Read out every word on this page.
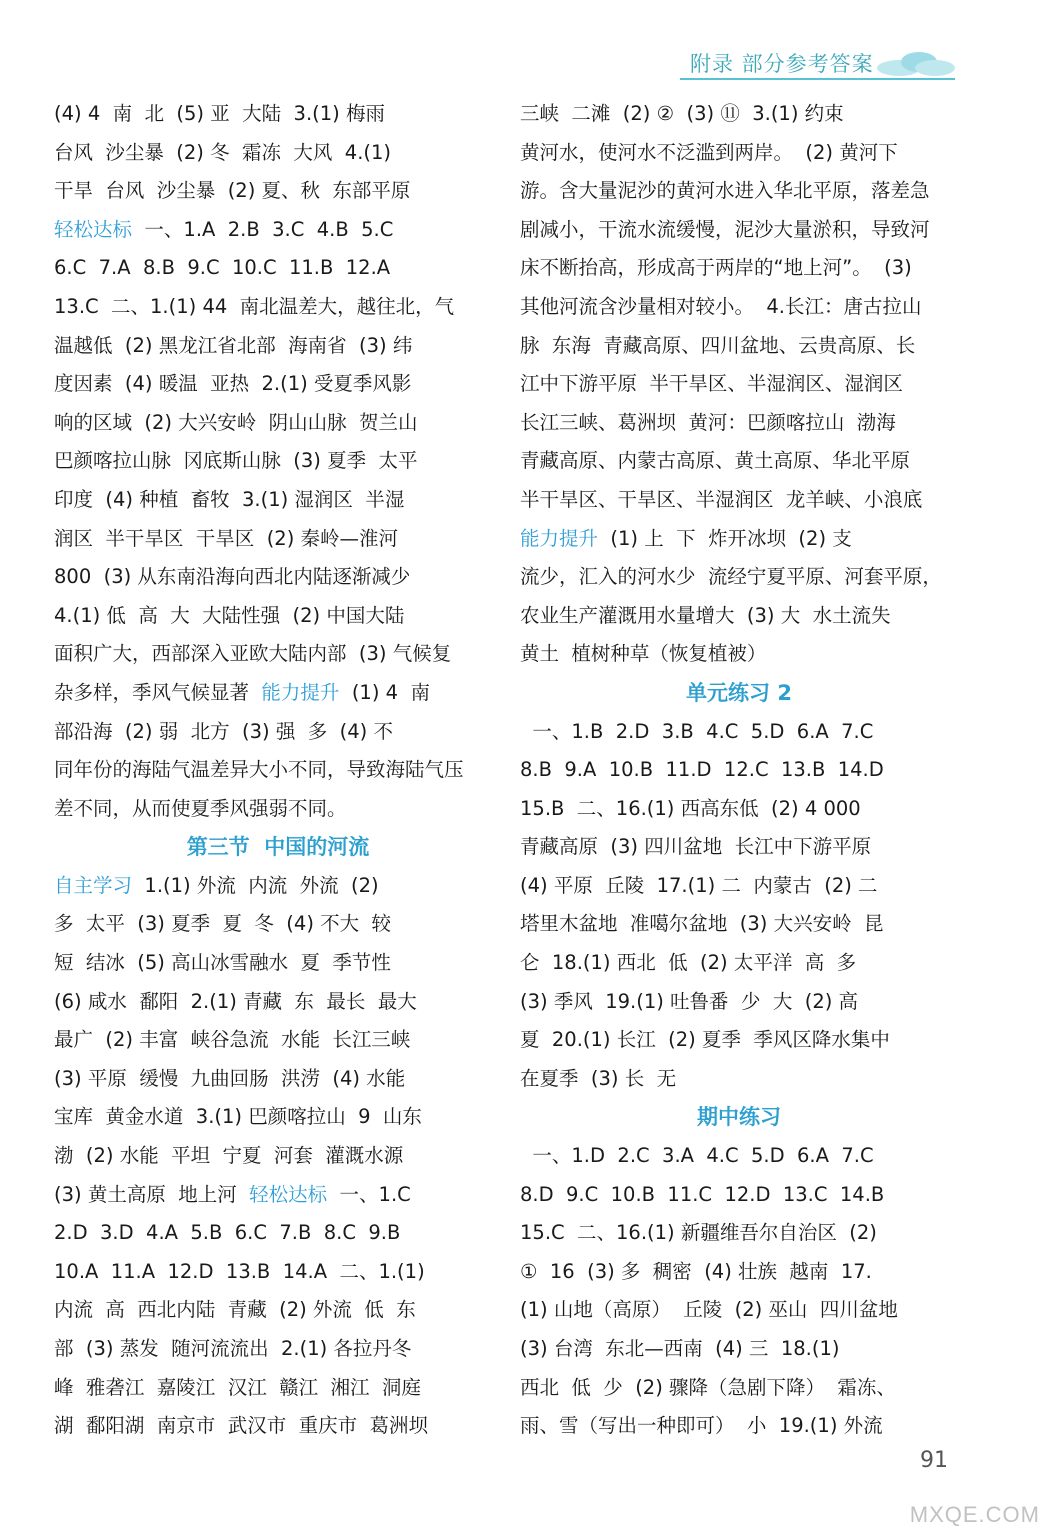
附录 部分参考答案
(4) 4  南  北  (5) 亚  大陆  3.(1) 梅雨
台风  沙尘暴  (2) 冬  霜冻  大风  4.(1)
干旱  台风  沙尘暴  (2) 夏、秋  东部平原
轻松达标  一、1.A  2.B  3.C  4.B  5.C
6.C  7.A  8.B  9.C  10.C  11.B  12.A
13.C  二、1.(1) 44  南北温差大，越往北，气
温越低  (2) 黑龙江省北部  海南省  (3) 纬
度因素  (4) 暖温  亚热  2.(1) 受夏季风影
响的区域  (2) 大兴安岭  阴山山脉  贺兰山
巴颜喀拉山脉  冈底斯山脉  (3) 夏季  太平
印度  (4) 种植  畜牧  3.(1) 湿润区  半湿
润区  半干旱区  干旱区  (2) 秦岭—淮河
800  (3) 从东南沿海向西北内陆逐渐减少
4.(1) 低  高  大  大陆性强  (2) 中国大陆
面积广大，西部深入亚欧大陆内部  (3) 气候复
杂多样，季风气候显著  能力提升  (1) 4  南
部沿海  (2) 弱  北方  (3) 强  多  (4) 不
同年份的海陆气温差异大小不同，导致海陆气压
差不同，从而使夏季风强弱不同。
第三节  中国的河流
自主学习  1.(1) 外流  内流  外流  (2)
多  太平  (3) 夏季  夏  冬  (4) 不大  较
短  结冰  (5) 高山冰雪融水  夏  季节性
(6) 咸水  鄱阳  2.(1) 青藏  东  最长  最大
最广  (2) 丰富  峡谷急流  水能  长江三峡
(3) 平原  缓慢  九曲回肠  洪涝  (4) 水能
宝库  黄金水道  3.(1) 巴颜喀拉山  9  山东
渤  (2) 水能  平坦  宁夏  河套  灌溉水源
(3) 黄土高原  地上河  轻松达标  一、1.C
2.D  3.D  4.A  5.B  6.C  7.B  8.C  9.B
10.A  11.A  12.D  13.B  14.A  二、1.(1)
内流  高  西北内陆  青藏  (2) 外流  低  东
部  (3) 蒸发  随河流流出  2.(1) 各拉丹冬
峰  雅砻江  嘉陵江  汉江  赣江  湘江  洞庭
湖  鄱阳湖  南京市  武汉市  重庆市  葛洲坝
三峡  二滩  (2) ②  (3) ⑪  3.(1) 约束
黄河水，使河水不泛滥到两岸。  (2) 黄河下
游。含大量泥沙的黄河水进入华北平原，落差急
剧减小，干流水流缓慢，泥沙大量淤积，导致河
床不断抬高，形成高于两岸的“地上河”。  (3)
其他河流含沙量相对较小。  4.长江：唐古拉山
脉  东海  青藏高原、四川盆地、云贵高原、长
江中下游平原  半干旱区、半湿润区、湿润区
长江三峡、葛洲坝  黄河：巴颜喀拉山  渤海
青藏高原、内蒙古高原、黄土高原、华北平原
半干旱区、干旱区、半湿润区  龙羊峡、小浪底
能力提升  (1) 上  下  炸开冰坝  (2) 支
流少，汇入的河水少  流经宁夏平原、河套平原，
农业生产灌溉用水量增大  (3) 大  水土流失
黄土  植树种草（恢复植被）
单元练习 2
一、1.B  2.D  3.B  4.C  5.D  6.A  7.C
8.B  9.A  10.B  11.D  12.C  13.B  14.D
15.B  二、16.(1) 西高东低  (2) 4 000
青藏高原  (3) 四川盆地  长江中下游平原
(4) 平原  丘陵  17.(1) 二  内蒙古  (2) 二
塔里木盆地  准噶尔盆地  (3) 大兴安岭  昆
仑  18.(1) 西北  低  (2) 太平洋  高  多
(3) 季风  19.(1) 吐鲁番  少  大  (2) 高
夏  20.(1) 长江  (2) 夏季  季风区降水集中
在夏季  (3) 长  无
期中练习
一、1.D  2.C  3.A  4.C  5.D  6.A  7.C
8.D  9.C  10.B  11.C  12.D  13.C  14.B
15.C  二、16.(1) 新疆维吾尔自治区  (2)
①  16  (3) 多  稠密  (4) 壮族  越南  17.
(1) 山地（高原）  丘陵  (2) 巫山  四川盆地
(3) 台湾  东北—西南  (4) 三  18.(1)
西北  低  少  (2) 骤降（急剧下降）  霜冻、
雨、雪（写出一种即可）  小  19.(1) 外流
91
MXQE.COM
